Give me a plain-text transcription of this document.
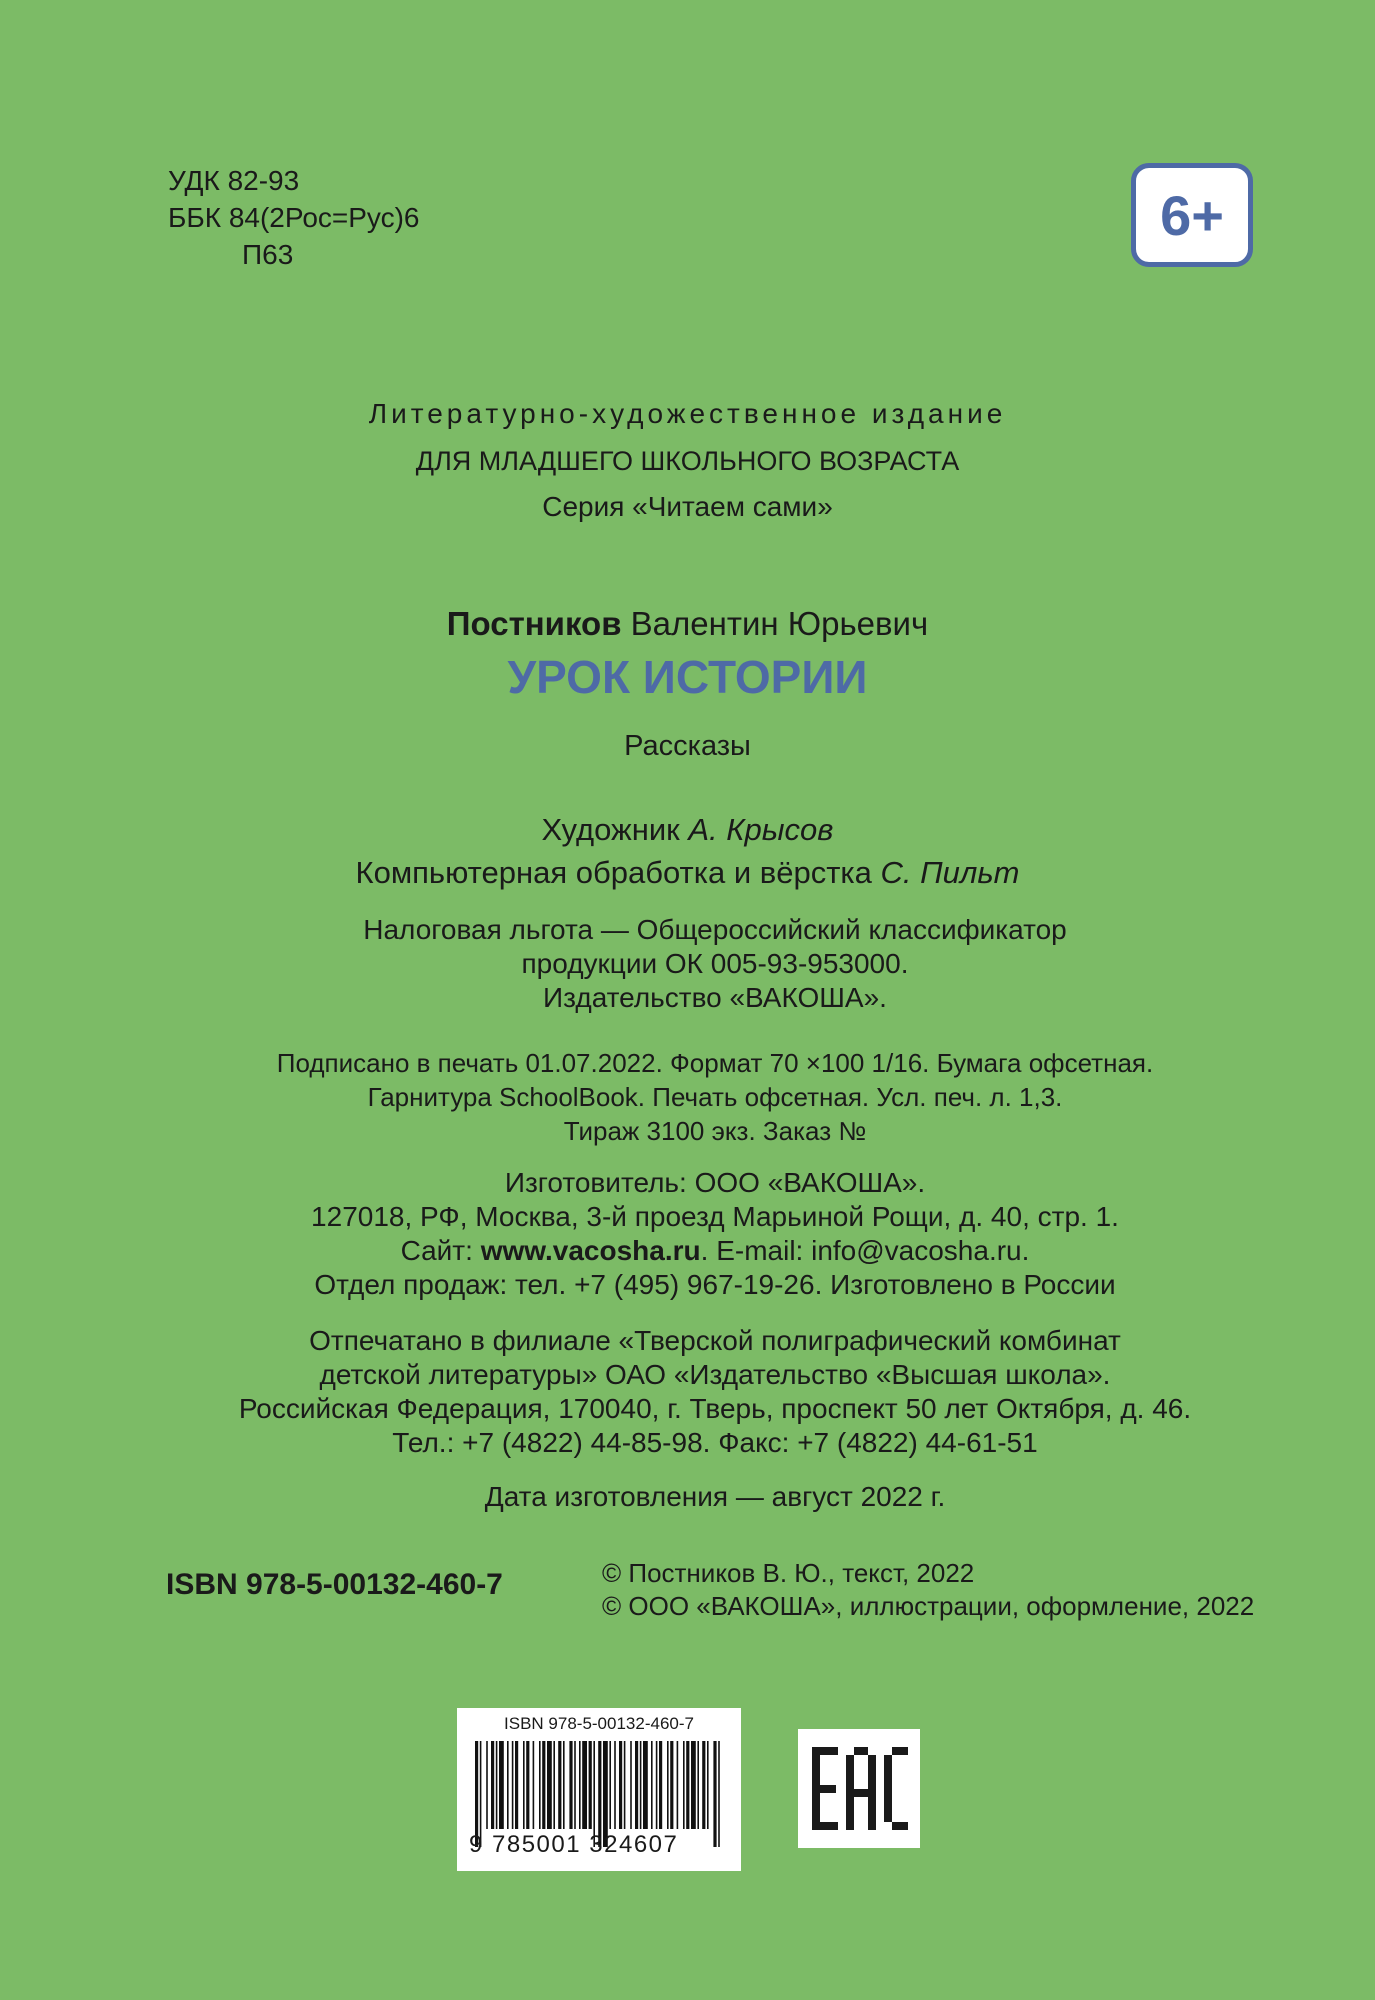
УДК 82-93
ББК 84(2Рос=Рус)6
П63
6+
Литературно-художественное издание
ДЛЯ МЛАДШЕГО ШКОЛЬНОГО ВОЗРАСТА
Серия «Читаем сами»
Постников Валентин Юрьевич
УРОК ИСТОРИИ
Рассказы
Художник А. Крысов
Компьютерная обработка и вёрстка С. Пильт
Налоговая льгота — Общероссийский классификатор
продукции ОК 005-93-953000.
Издательство «ВАКОША».
Подписано в печать 01.07.2022. Формат 70 ×100 1/16. Бумага офсетная.
Гарнитура SchoolBook. Печать офсетная. Усл. печ. л. 1,3.
Тираж 3100 экз. Заказ №
Изготовитель: ООО «ВАКОША».
127018, РФ, Москва, 3-й проезд Марьиной Рощи, д. 40, стр. 1.
Сайт: www.vacosha.ru. E-mail: info@vacosha.ru.
Отдел продаж: тел. +7 (495) 967-19-26. Изготовлено в России
Отпечатано в филиале «Тверской полиграфический комбинат
детской литературы» ОАО «Издательство «Высшая школа».
Российская Федерация, 170040, г. Тверь, проспект 50 лет Октября, д. 46.
Тел.: +7 (4822) 44-85-98. Факс: +7 (4822) 44-61-51
Дата изготовления — август 2022 г.
ISBN 978-5-00132-460-7	© Постников В. Ю., текст, 2022
© ООО «ВАКОША», иллюстрации, оформление, 2022
ISBN 978-5-00132-460-7
9 785001 324607
